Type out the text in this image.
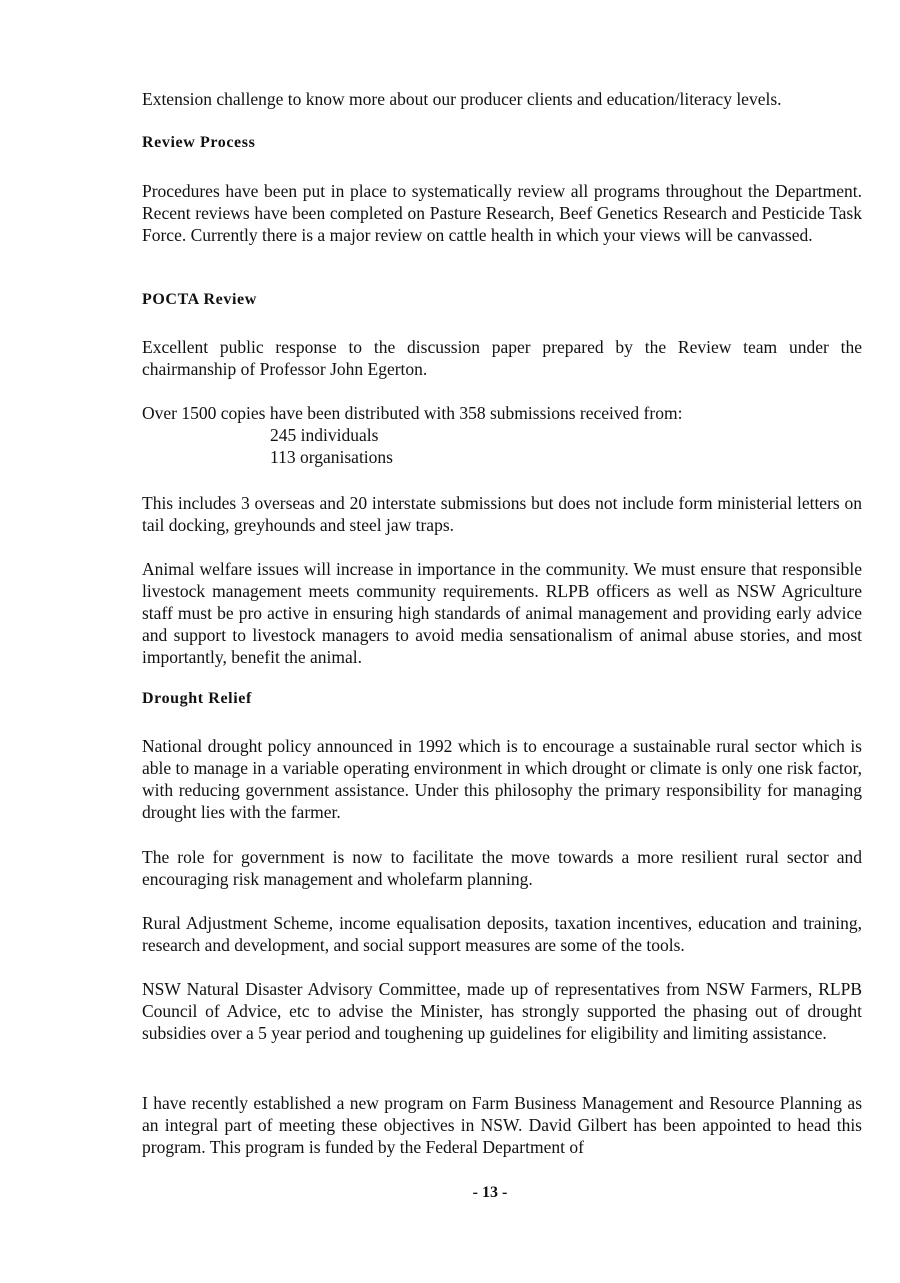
Extension challenge to know more about our producer clients and education/literacy levels.
Review Process
Procedures have been put in place to systematically review all programs throughout the Department. Recent reviews have been completed on Pasture Research, Beef Genetics Research and Pesticide Task Force. Currently there is a major review on cattle health in which your views will be canvassed.
POCTA Review
Excellent public response to the discussion paper prepared by the Review team under the chairmanship of Professor John Egerton.
Over 1500 copies have been distributed with 358 submissions received from:
245 individuals
113 organisations
This includes 3 overseas and 20 interstate submissions but does not include form ministerial letters on tail docking, greyhounds and steel jaw traps.
Animal welfare issues will increase in importance in the community. We must ensure that responsible livestock management meets community requirements. RLPB officers as well as NSW Agriculture staff must be pro active in ensuring high standards of animal management and providing early advice and support to livestock managers to avoid media sensationalism of animal abuse stories, and most importantly, benefit the animal.
Drought Relief
National drought policy announced in 1992 which is to encourage a sustainable rural sector which is able to manage in a variable operating environment in which drought or climate is only one risk factor, with reducing government assistance. Under this philosophy the primary responsibility for managing drought lies with the farmer.
The role for government is now to facilitate the move towards a more resilient rural sector and encouraging risk management and wholefarm planning.
Rural Adjustment Scheme, income equalisation deposits, taxation incentives, education and training, research and development, and social support measures are some of the tools.
NSW Natural Disaster Advisory Committee, made up of representatives from NSW Farmers, RLPB Council of Advice, etc to advise the Minister, has strongly supported the phasing out of drought subsidies over a 5 year period and toughening up guidelines for eligibility and limiting assistance.
I have recently established a new program on Farm Business Management and Resource Planning as an integral part of meeting these objectives in NSW. David Gilbert has been appointed to head this program. This program is funded by the Federal Department of
- 13 -
